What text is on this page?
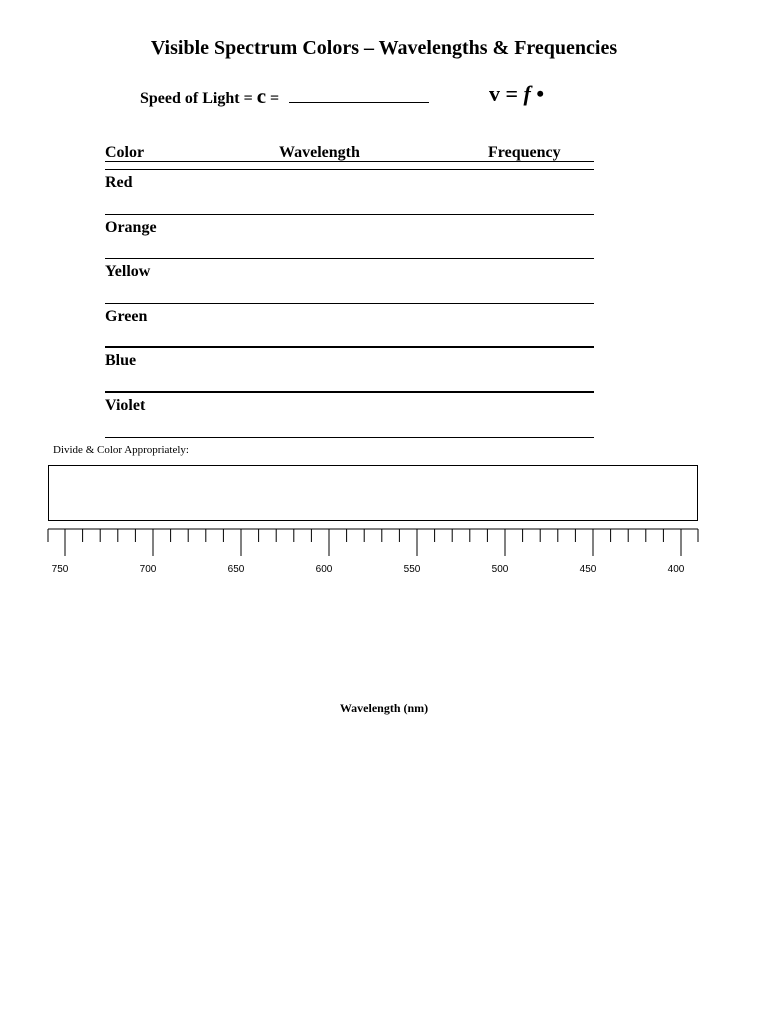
Visible Spectrum Colors – Wavelengths & Frequencies
Speed of Light = c =	v = f •
Color	Wavelength	Frequency
Red
Orange
Yellow
Green
Blue
Violet
Divide & Color Appropriately:
750	700	650	600	550	500	450	400
Wavelength (nm)
